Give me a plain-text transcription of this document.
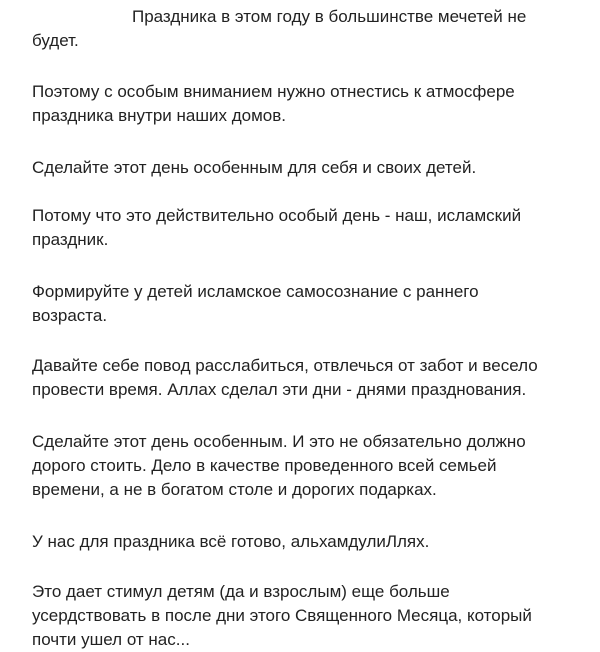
Праздника в этом году в большинстве мечетей не
будет.

Поэтому с особым вниманием нужно отнестись к атмосфере
праздника внутри наших домов.

Сделайте этот день особенным для себя и своих детей.

Потому что это действительно особый день - наш, исламский
праздник.

Формируйте у детей исламское самосознание с раннего
возраста.

Давайте себе повод расслабиться, отвлечься от забот и весело
провести время. Аллах сделал эти дни - днями празднования.

Сделайте этот день особенным. И это не обязательно должно
дорого стоить. Дело в качестве проведенного всей семьей
времени, а не в богатом столе и дорогих подарках.

У нас для праздника всё готово, альхамдулиЛлях.

Это дает стимул детям (да и взрослым) еще больше
усердствовать в после дни этого Священного Месяца, который
почти ушел от нас...
